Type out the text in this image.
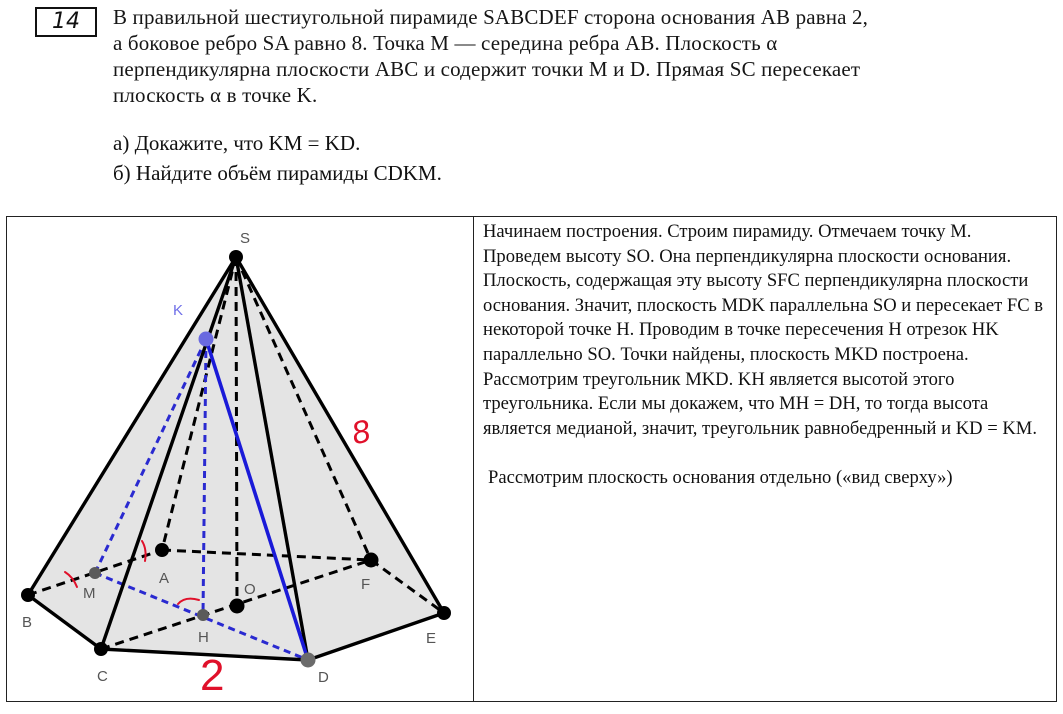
14	В правильной шестиугольной пирамиде SABCDEF сторона основания AB равна 2,
а боковое ребро SA равно 8. Точка M — середина ребра AB. Плоскость α
перпендикулярна плоскости ABC и содержит точки M и D. Прямая SC пересекает
плоскость α в точке K.
а) Докажите, что KM = KD.
б) Найдите объём пирамиды CDKM.
8
2
S
K
A
M
B
O	F
H	E
C	D

Начинаем построения. Строим пирамиду. Отмечаем точку М. Проведем высоту SO. Она перпендикулярна плоскости основания. Плоскость, содержащая эту высоту SFC перпендикулярна плоскости основания. Значит, плоскость MDK параллельна SO и пересекает FC в некоторой точке H. Проводим в точке пересечения H отрезок HK параллельно SO. Точки найдены, плоскость MKD построена. Рассмотрим треугольник MKD. KH является высотой этого треугольника. Если мы докажем, что MH = DH, то тогда высота является медианой, значит, треугольник равнобедренный и KD = KM.

Рассмотрим плоскость основания отдельно («вид сверху»)
